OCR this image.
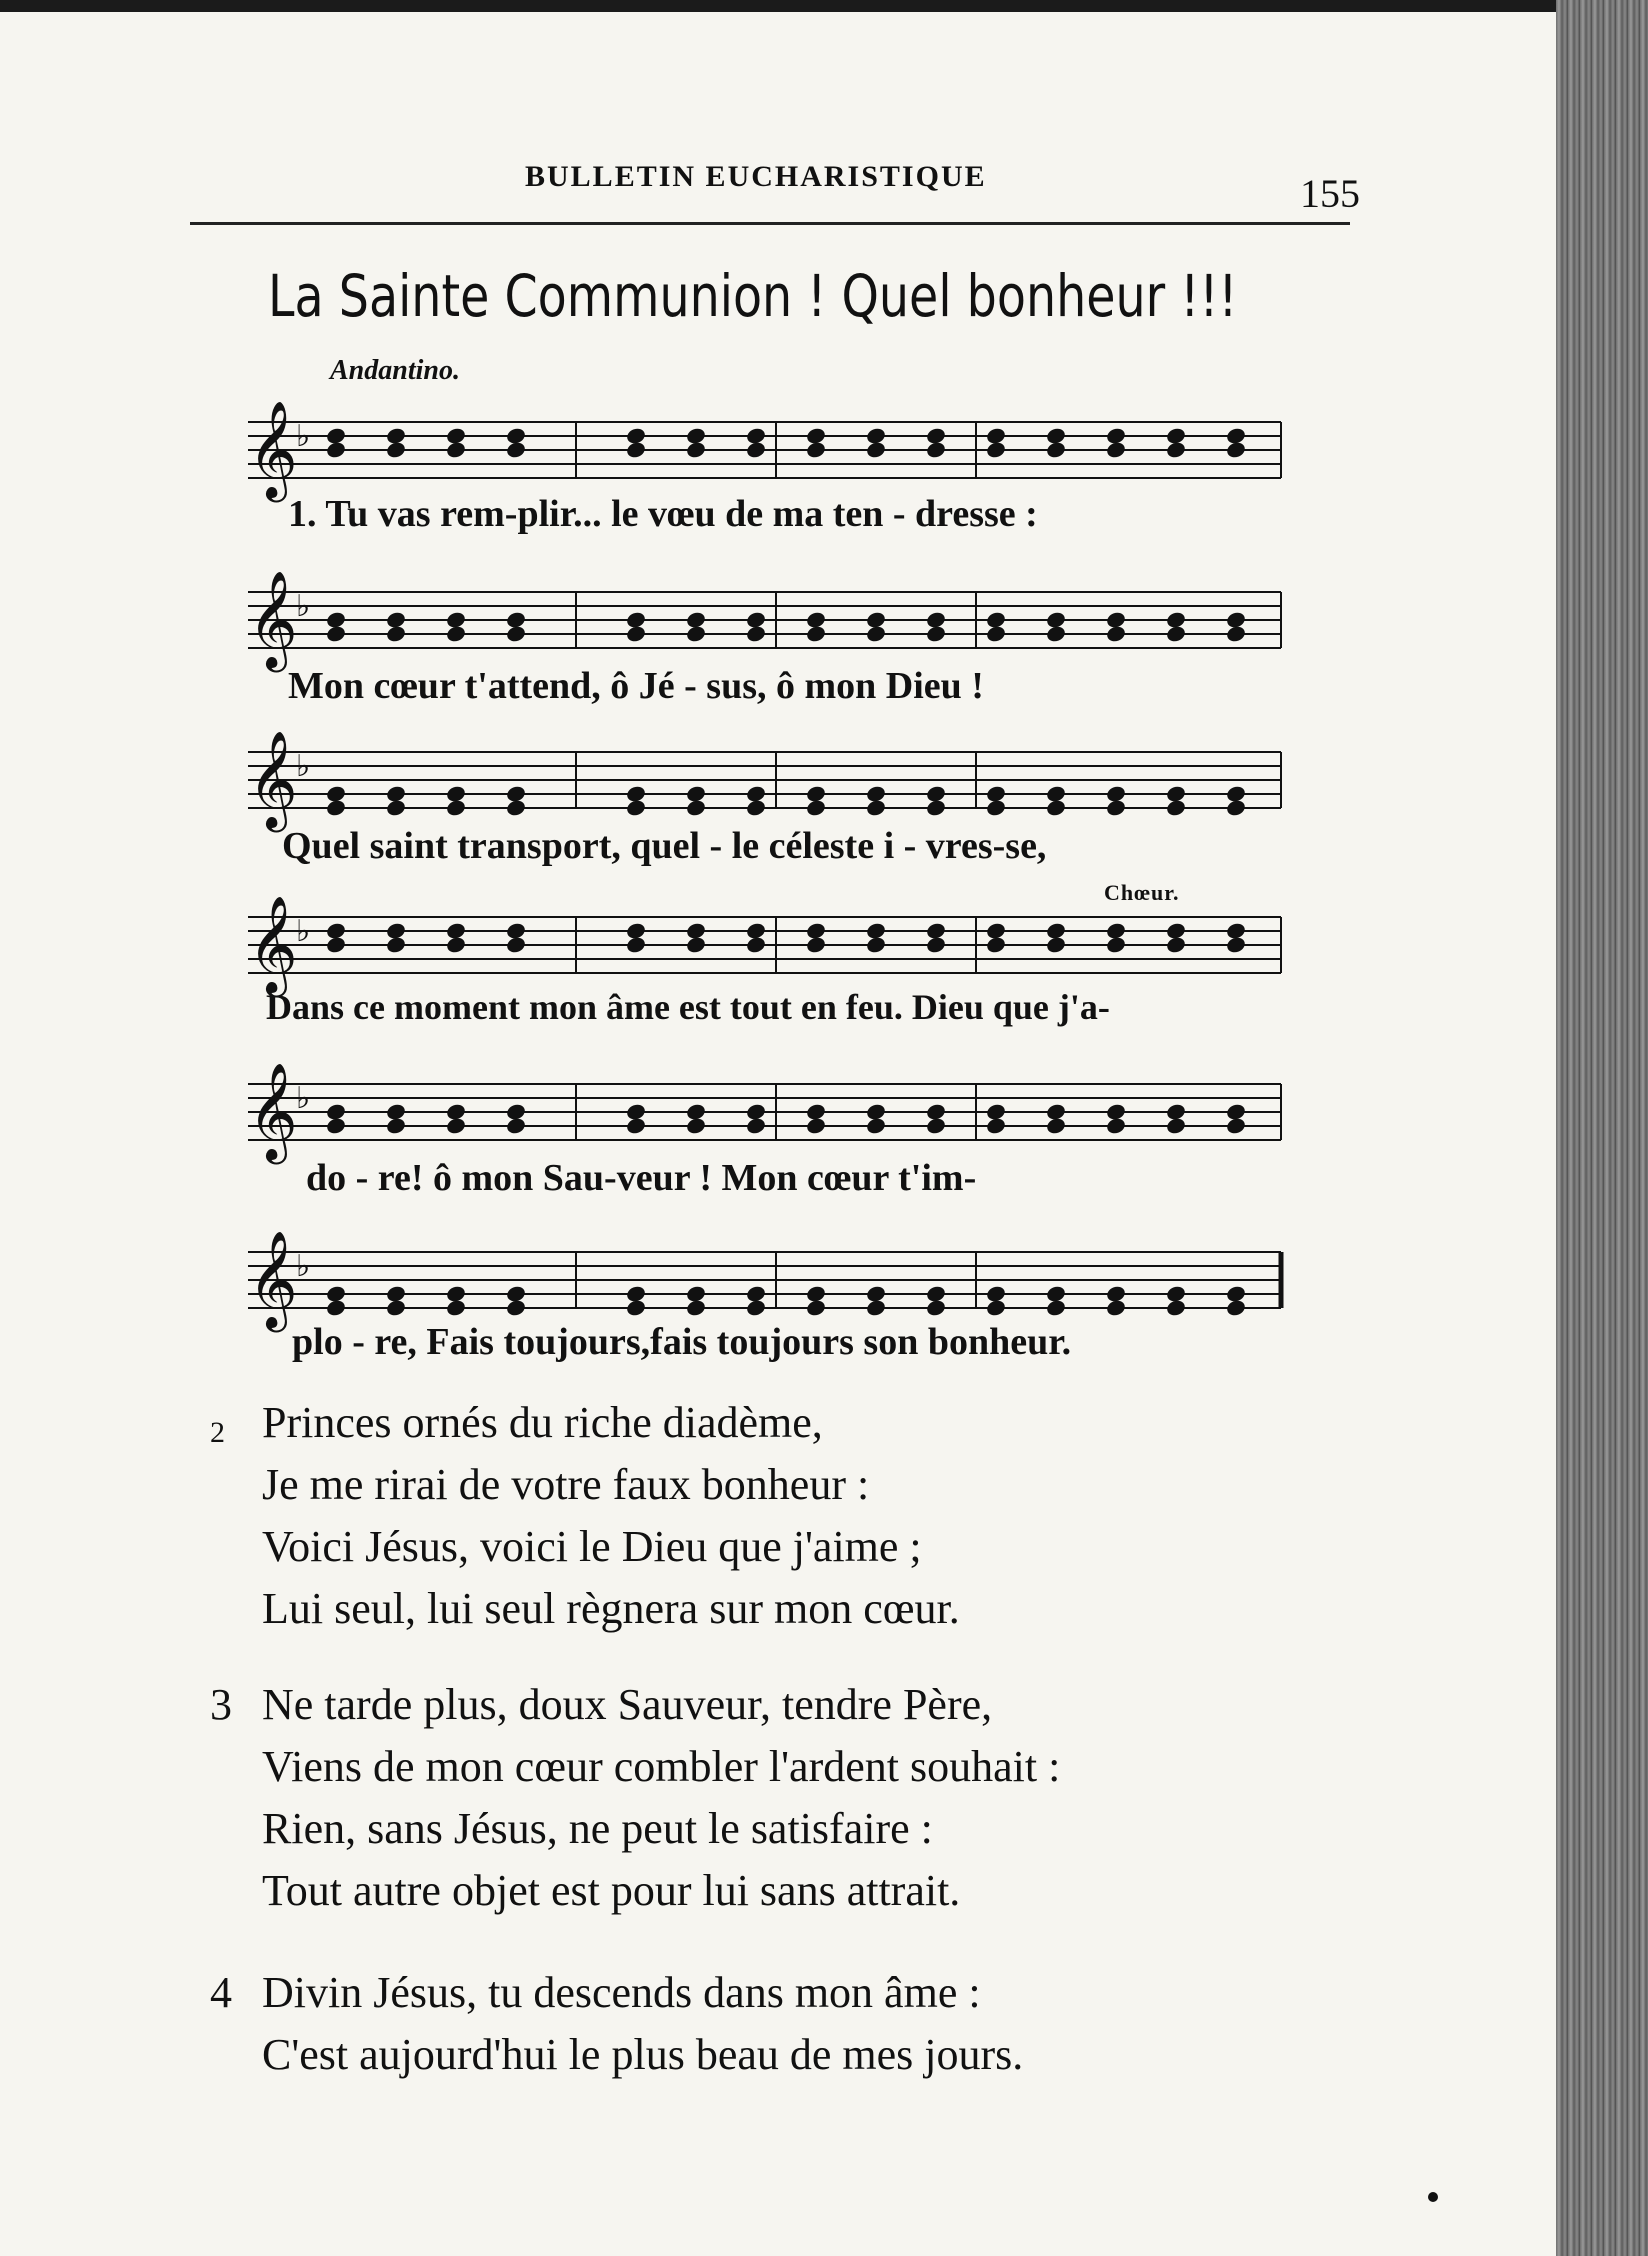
BULLETIN EUCHARISTIQUE	155
La Sainte Communion ! Quel bonheur !!!
Andantino.
𝄞
♭
1. Tu vas rem-plir... le vœu de ma ten - dresse :
𝄞
♭
Mon cœur t'attend, ô Jé - sus, ô mon Dieu !
𝄞
♭
Quel saint transport, quel - le céleste i - vres-se,
Chœur.
𝄞
♭
Dans ce moment mon âme est tout en feu. Dieu que j'a-
𝄞
♭
do - re! ô mon Sau-veur ! Mon cœur t'im-
𝄞
♭
plo - re, Fais toujours,fais toujours son bonheur.
2 Princes ornés du riche diadème,
Je me rirai de votre faux bonheur :
Voici Jésus, voici le Dieu que j'aime ;
Lui seul, lui seul règnera sur mon cœur.
3 Ne tarde plus, doux Sauveur, tendre Père,
Viens de mon cœur combler l'ardent souhait :
Rien, sans Jésus, ne peut le satisfaire :
Tout autre objet est pour lui sans attrait.
4 Divin Jésus, tu descends dans mon âme :
C'est aujourd'hui le plus beau de mes jours.
